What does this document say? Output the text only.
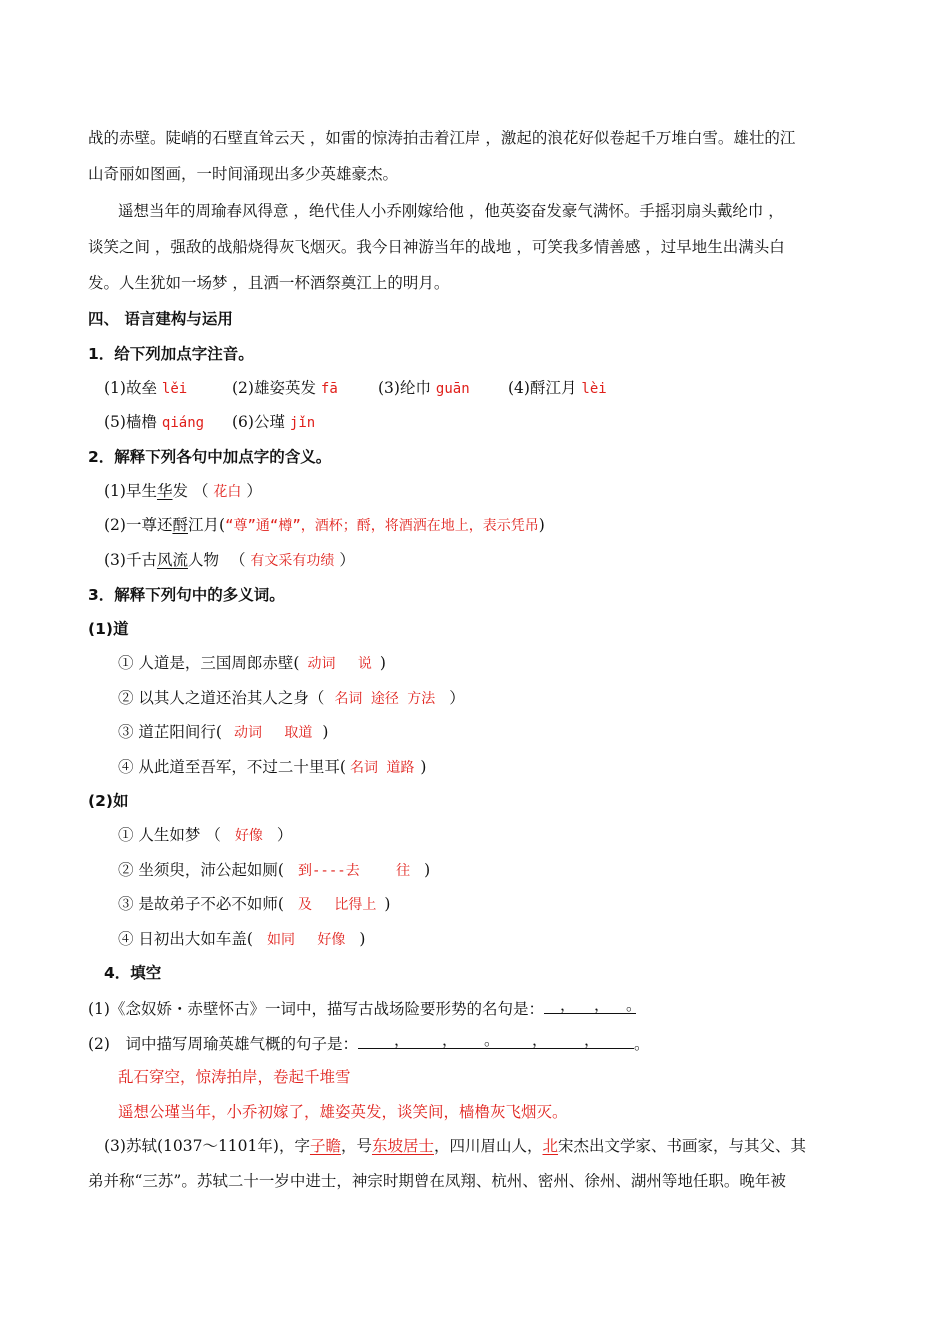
战的赤壁。陡峭的石壁直耸云天 ，如雷的惊涛拍击着江岸 ，激起的浪花好似卷起千万堆白雪。雄壮的江
山奇丽如图画，一时间涌现出多少英雄豪杰。
遥想当年的周瑜春风得意 ，绝代佳人小乔刚嫁给他 ，他英姿奋发豪气满怀。手摇羽扇头戴纶巾 ，
谈笑之间 ，强敌的战船烧得灰飞烟灭。我今日神游当年的战地 ，可笑我多情善感 ，过早地生出满头白
发。人生犹如一场梦 ，且洒一杯酒祭奠江上的明月。
四、 语言建构与运用
1．给下列加点字注音。
(1)故垒 lěi	(2)雄姿英发 fā	(3)纶巾 guān (4)酹江月 lèi
(5)樯橹 qiáng (6)公瑾 jǐn
2．解释下列各句中加点字的含义。
(1)早生华发 （ 花白 ）
(2)一尊还酹江月(“尊”通“樽”，酒杯；酹，将酒洒在地上，表示凭吊)
(3)千古风流人物 （ 有文采有功绩 ）
3．解释下列句中的多义词。
(1)道
① 人道是，三国周郎赤壁( 动词　 说 )
② 以其人之道还治其人之身（ 名词 途径 方法 ）
③ 道芷阳间行( 动词　 取道 )
④ 从此道至吾军，不过二十里耳( 名词 道路 )
(2)如
① 人生如梦 （ 好像 ）
② 坐须臾，沛公起如厕( 到----去　　 往 )
③ 是故弟子不必不如师( 及　 比得上 )
④ 日初出大如车盖( 如同　 好像 )
4．填空
(1)《念奴娇・赤壁怀古》一词中，描写古战场险要形势的名句是： ， ， 。
(2)　词中描写周瑜英雄气概的句子是： ， ， 。 ， ， 。
乱石穿空，惊涛拍岸，卷起千堆雪
遥想公瑾当年，小乔初嫁了，雄姿英发，谈笑间，樯橹灰飞烟灭。
(3)苏轼(1037～1101年)，字子瞻，号东坡居士，四川眉山人，北宋杰出文学家、书画家，与其父、其
弟并称“三苏”。苏轼二十一岁中进士，神宗时期曾在凤翔、杭州、密州、徐州、湖州等地任职。晚年被
